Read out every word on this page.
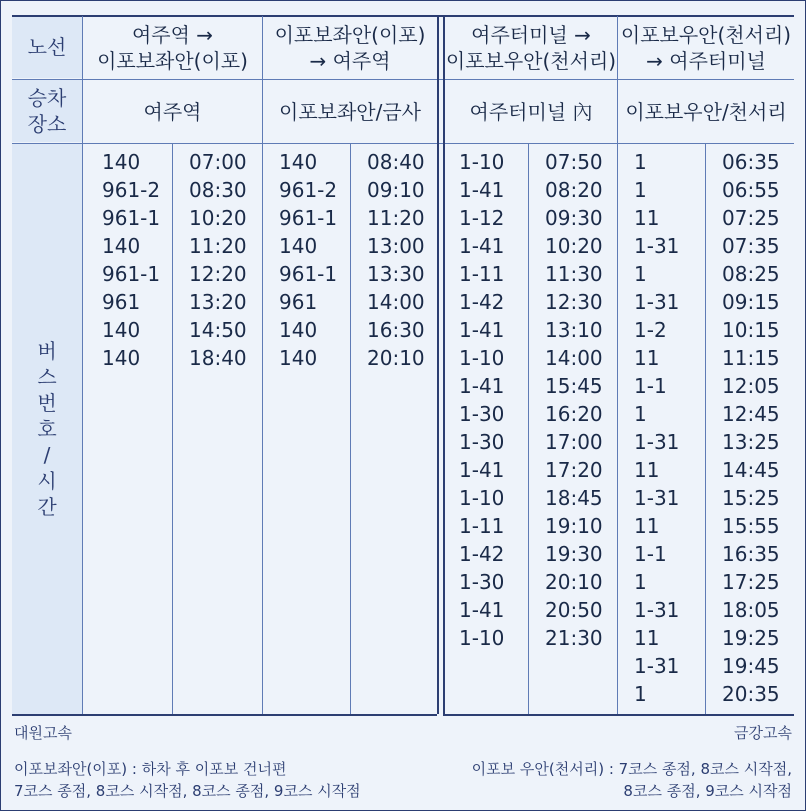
노선
승차 장소
버스 번호 / 시간
여주역 →
이포보좌안(이포)
이포보좌안(이포)
→ 여주역
여주터미널 →
이포보우안(천서리)
이포보우안(천서리)
→ 여주터미널
여주역	이포보좌안/금사 여주터미널 內 이포보우안/천서리
140
961-2
961-1
140
961-1
961
140
140
07:00
08:30
10:20
11:20
12:20
13:20
14:50
18:40
140
961-2
961-1
140
961-1
961
140
140
08:40
09:10
11:20
13:00
13:30
14:00
16:30
20:10
1-10
1-41
1-12
1-41
1-11
1-42
1-41
1-10
1-41
1-30
1-30
1-41
1-10
1-11
1-42
1-30
1-41
1-10
07:50
08:20
09:30
10:20
11:30
12:30
13:10
14:00
15:45
16:20
17:00
17:20
18:45
19:10
19:30
20:10
20:50
21:30
1
1
11
1-31
1
1-31
1-2
11
1-1
1
1-31
11
1-31
11
1-1
1
1-31
11
1-31
1
06:35
06:55
07:25
07:35
08:25
09:15
10:15
11:15
12:05
12:45
13:25
14:45
15:25
15:55
16:35
17:25
18:05
19:25
19:45
20:35
대원고속	금강고속
이포보좌안(이포) : 하차 후 이포보 건너편
7코스 종점, 8코스 시작점, 8코스 종점, 9코스 시작점
이포보 우안(천서리) : 7코스 종점, 8코스 시작점,
8코스 종점, 9코스 시작점
